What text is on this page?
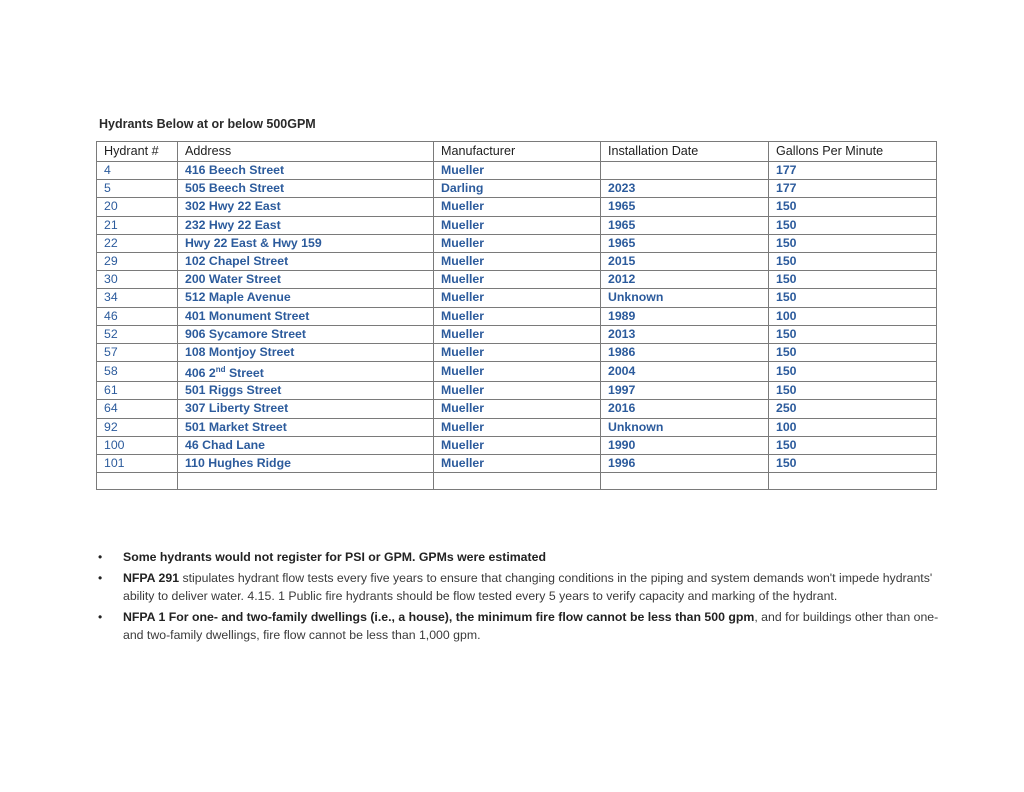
Hydrants Below at or below 500GPM
Hydrant #	Address	Manufacturer	Installation Date	Gallons Per Minute
4	416 Beech Street	Mueller		177
5	505 Beech Street	Darling	2023	177
20	302 Hwy 22 East	Mueller	1965	150
21	232 Hwy 22 East	Mueller	1965	150
22	Hwy 22 East & Hwy 159	Mueller	1965	150
29	102 Chapel Street	Mueller	2015	150
30	200 Water Street	Mueller	2012	150
34	512 Maple Avenue	Mueller	Unknown	150
46	401 Monument Street	Mueller	1989	100
52	906 Sycamore Street	Mueller	2013	150
57	108 Montjoy Street	Mueller	1986	150
58	406 2nd Street	Mueller	2004	150
61	501 Riggs Street	Mueller	1997	150
64	307 Liberty Street	Mueller	2016	250
92	501 Market Street	Mueller	Unknown	100
100	46 Chad Lane	Mueller	1990	150
101	110 Hughes Ridge	Mueller	1996	150

• Some hydrants would not register for PSI or GPM. GPMs were estimated
• NFPA 291 stipulates hydrant flow tests every five years to ensure that changing conditions in the piping and system demands won't impede hydrants' ability to deliver water. 4.15. 1 Public fire hydrants should be flow tested every 5 years to verify capacity and marking of the hydrant.
• NFPA 1 For one- and two-family dwellings (i.e., a house), the minimum fire flow cannot be less than 500 gpm, and for buildings other than one- and two-family dwellings, fire flow cannot be less than 1,000 gpm.
